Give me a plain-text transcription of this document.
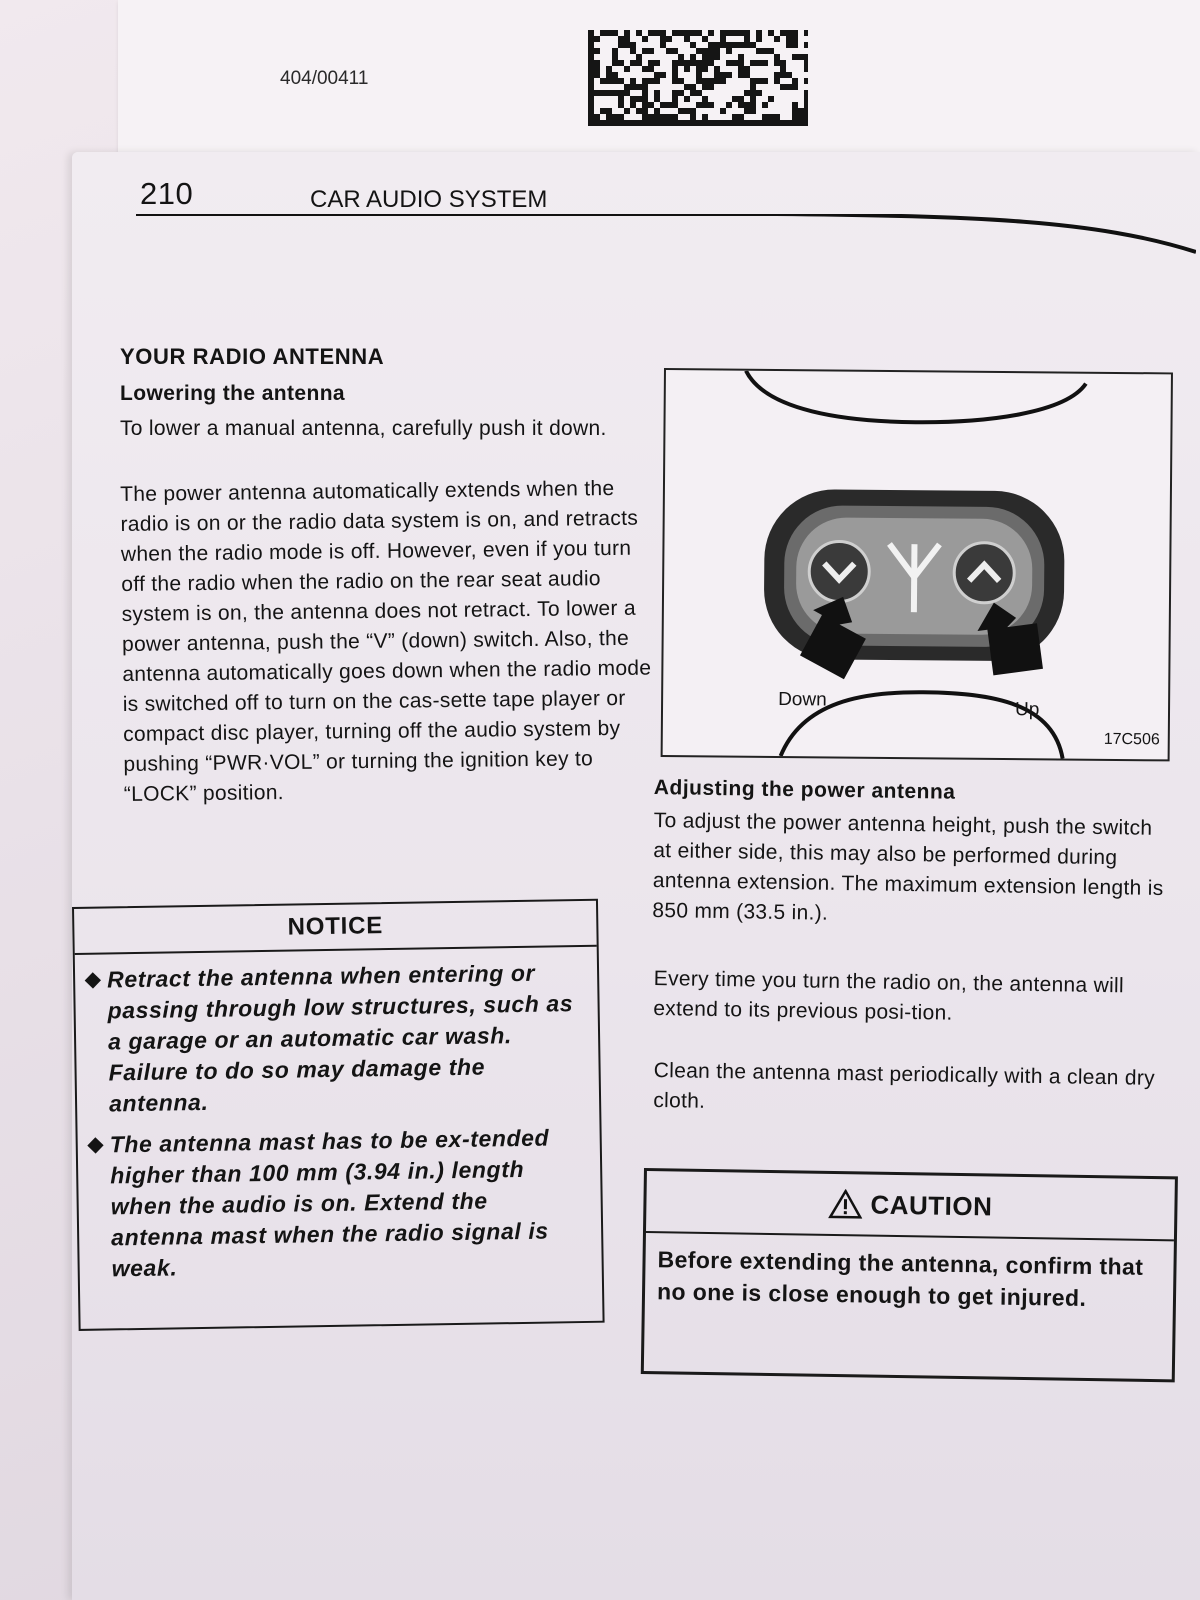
404/00411
210	CAR AUDIO SYSTEM
YOUR RADIO ANTENNA
Lowering the antenna

To lower a manual antenna, carefully push it down.

The power antenna automatically extends when the radio is on or the radio data system is on, and retracts when the radio mode is off. However, even if you turn off the radio when the radio on the rear seat audio system is on, the antenna does not retract. To lower a power antenna, push the “V” (down) switch. Also, the antenna automatically goes down when the radio mode is switched off to turn on the cas-sette tape player or compact disc player, turning off the audio system by pushing “PWR·VOL” or turning the ignition key to “LOCK” position.

NOTICE
◆ Retract the antenna when entering or passing through low structures, such as a garage or an automatic car wash. Failure to do so may damage the antenna.
◆ The antenna mast has to be ex-tended higher than 100 mm (3.94 in.) length when the audio is on. Extend the antenna mast when the radio signal is weak.
Down	Up
17C506
Adjusting the power antenna

To adjust the power antenna height, push the switch at either side, this may also be performed during antenna extension. The maximum extension length is 850 mm (33.5 in.).

Every time you turn the radio on, the antenna will extend to its previous posi-tion.

Clean the antenna mast periodically with a clean dry cloth.

CAUTION
Before extending the antenna, confirm that no one is close enough to get injured.
